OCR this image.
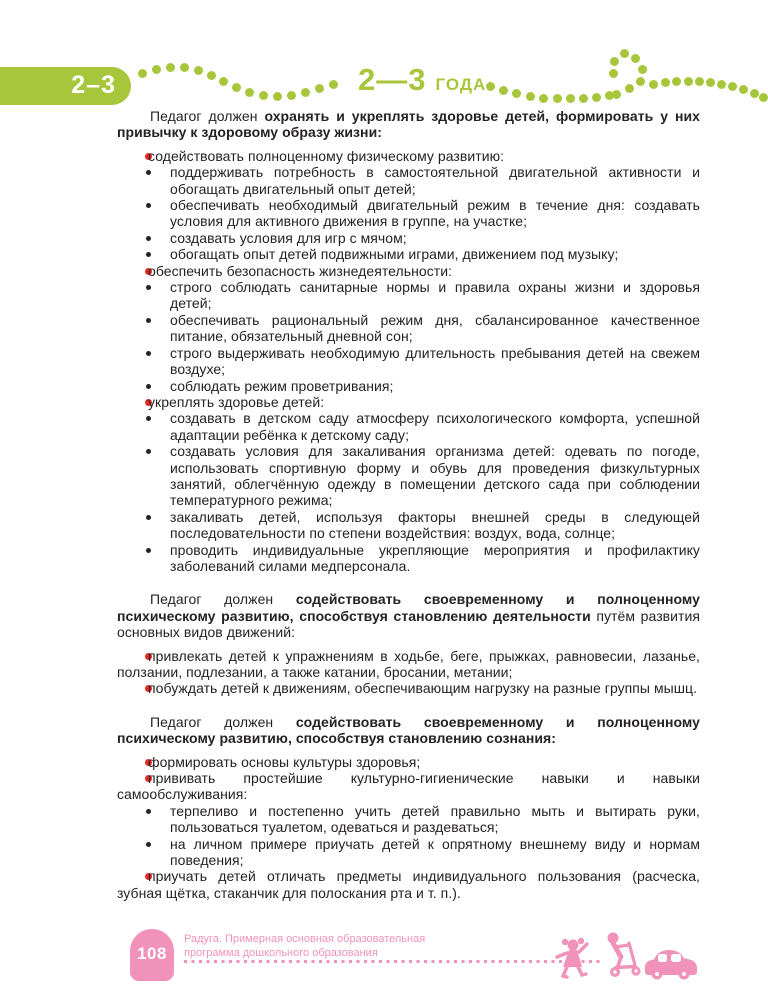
2–3	2—3 ГОДА

Педагог должен охранять и укреплять здоровье детей, формировать у них привычку к здоровому образу жизни:

содействовать полноценному физическому развитию:
поддерживать потребность в самостоятельной двигательной активности и обогащать двигательный опыт детей;
обеспечивать необходимый двигательный режим в течение дня: создавать условия для активного движения в группе, на участке;
создавать условия для игр с мячом;
обогащать опыт детей подвижными играми, движением под музыку;
обеспечить безопасность жизнедеятельности:
строго соблюдать санитарные нормы и правила охраны жизни и здоровья детей;
обеспечивать рациональный режим дня, сбалансированное качественное питание, обязательный дневной сон;
строго выдерживать необходимую длительность пребывания детей на свежем воздухе;
соблюдать режим проветривания;
укреплять здоровье детей:
создавать в детском саду атмосферу психологического комфорта, успешной адаптации ребёнка к детскому саду;
создавать условия для закаливания организма детей: одевать по погоде, использовать спортивную форму и обувь для проведения физкультурных занятий, облегчённую одежду в помещении детского сада при соблюдении температурного режима;
закаливать детей, используя факторы внешней среды в следующей последовательности по степени воздействия: воздух, вода, солнце;
проводить индивидуальные укрепляющие мероприятия и профилактику заболеваний силами медперсонала.

Педагог должен содействовать своевременному и полноценному психическому развитию, способствуя становлению деятельности путём развития основных видов движений:

привлекать детей к упражнениям в ходьбе, беге, прыжках, равновесии, лазанье, ползании, подлезании, а также катании, бросании, метании;
побуждать детей к движениям, обеспечивающим нагрузку на разные группы мышц.

Педагог должен содействовать своевременному и полноценному психическому развитию, способствуя становлению сознания:

формировать основы культуры здоровья;
прививать простейшие культурно-гигиенические навыки и навыки самообслуживания:
терпеливо и постепенно учить детей правильно мыть и вытирать руки, пользоваться туалетом, одеваться и раздеваться;
на личном примере приучать детей к опрятному внешнему виду и нормам поведения;
приучать детей отличать предметы индивидуального пользования (расческа, зубная щётка, стаканчик для полоскания рта и т. п.).
108
Радуга. Примерная основная образовательная
программа дошкольного образования
